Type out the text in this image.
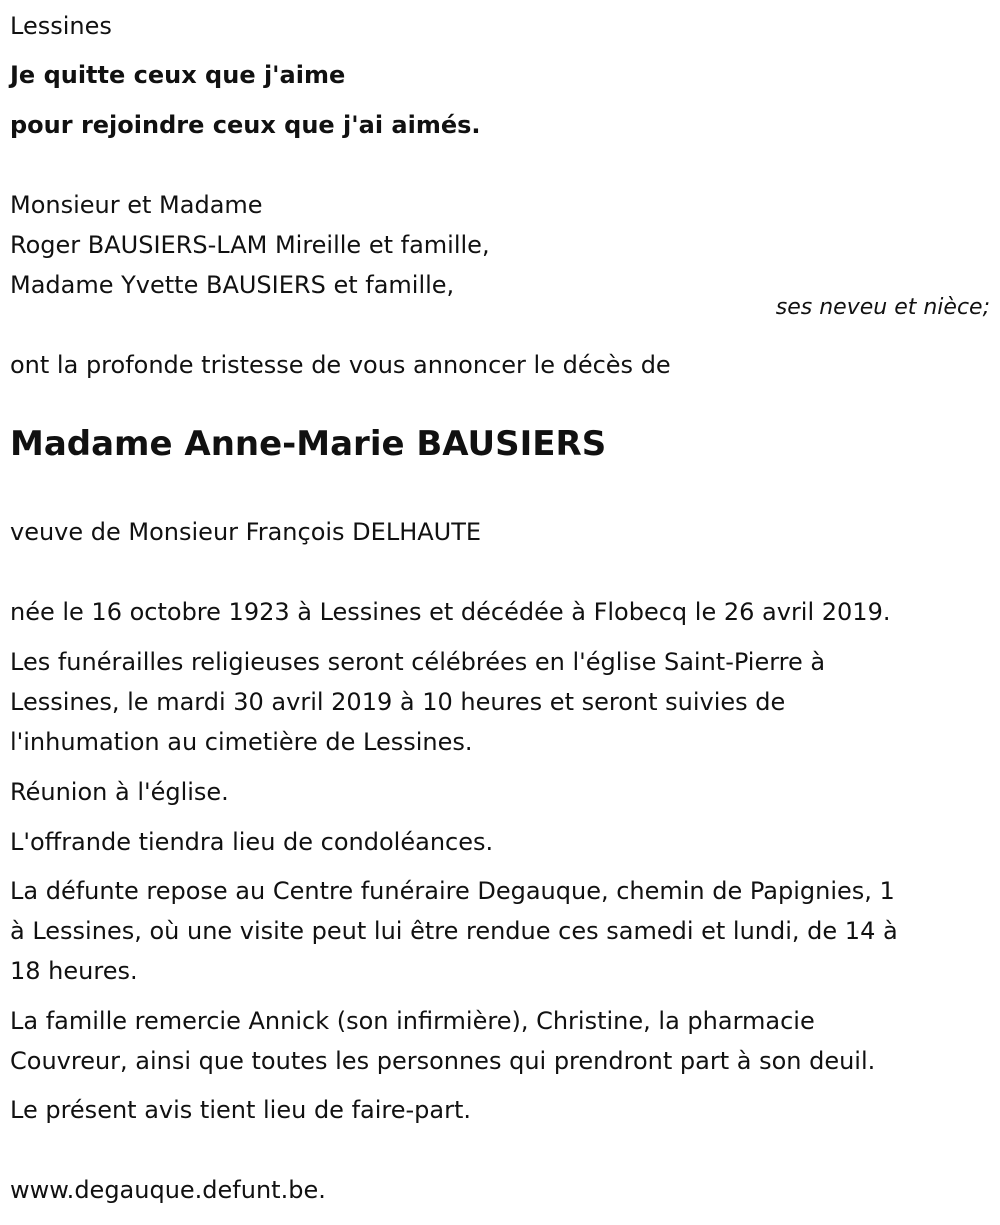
Lessines

Je quitte ceux que j'aime

pour rejoindre ceux que j'ai aimés.

Monsieur et Madame

Roger BAUSIERS-LAM Mireille et famille,

Madame Yvette BAUSIERS et famille,

ses neveu et nièce;

ont la profonde tristesse de vous annoncer le décès de

Madame Anne-Marie BAUSIERS

veuve de Monsieur François DELHAUTE

née le 16 octobre 1923 à Lessines et décédée à Flobecq le 26 avril 2019.

Les funérailles religieuses seront célébrées en l'église Saint-Pierre à

Lessines, le mardi 30 avril 2019 à 10 heures et seront suivies de

l'inhumation au cimetière de Lessines.

Réunion à l'église.

L'offrande tiendra lieu de condoléances.

La défunte repose au Centre funéraire Degauque, chemin de Papignies, 1

à Lessines, où une visite peut lui être rendue ces samedi et lundi, de 14 à

18 heures.

La famille remercie Annick (son infirmière), Christine, la pharmacie

Couvreur, ainsi que toutes les personnes qui prendront part à son deuil.

Le présent avis tient lieu de faire-part.

www.degauque.defunt.be.
